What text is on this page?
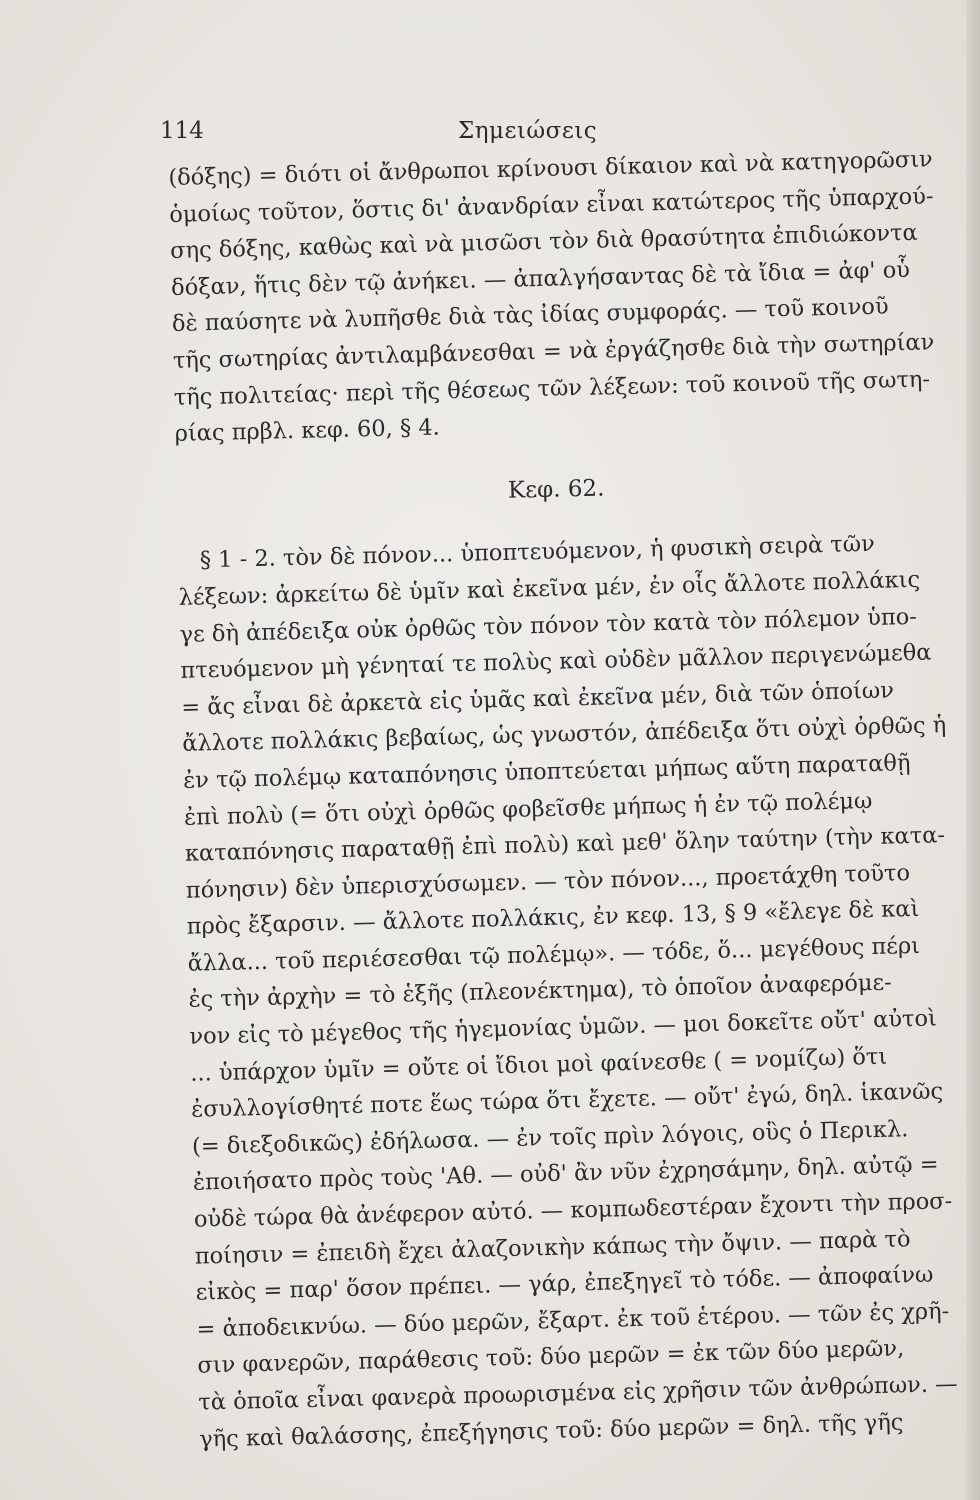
114	Σημειώσεις
(δόξης) = διότι οἱ ἄνθρωποι κρίνουσι δίκαιον καὶ νὰ κατηγορῶσιν
ὁμοίως τοῦτον, ὅστις δι' ἀνανδρίαν εἶναι κατώτερος τῆς ὑπαρχού-
σης δόξης, καθὼς καὶ νὰ μισῶσι τὸν διὰ θρασύτητα ἐπιδιώκοντα
δόξαν, ἥτις δὲν τῷ ἀνήκει. — ἀπαλγήσαντας δὲ τὰ ἴδια = ἀφ' οὗ
δὲ παύσητε νὰ λυπῆσθε διὰ τὰς ἰδίας συμφοράς. — τοῦ κοινοῦ
τῆς σωτηρίας ἀντιλαμβάνεσθαι = νὰ ἐργάζησθε διὰ τὴν σωτηρίαν
τῆς πολιτείας· περὶ τῆς θέσεως τῶν λέξεων: τοῦ κοινοῦ τῆς σωτη-
ρίας πρβλ. κεφ. 60, § 4.
Κεφ. 62.
§ 1 - 2. τὸν δὲ πόνον... ὑποπτευόμενον, ἡ φυσικὴ σειρὰ τῶν
λέξεων: ἀρκείτω δὲ ὑμῖν καὶ ἐκεῖνα μέν, ἐν οἷς ἄλλοτε πολλάκις
γε δὴ ἀπέδειξα οὐκ ὀρθῶς τὸν πόνον τὸν κατὰ τὸν πόλεμον ὑπο-
πτευόμενον μὴ γένηταί τε πολὺς καὶ οὐδὲν μᾶλλον περιγενώμεθα
= ἄς εἶναι δὲ ἀρκετὰ εἰς ὑμᾶς καὶ ἐκεῖνα μέν, διὰ τῶν ὁποίων
ἄλλοτε πολλάκις βεβαίως, ὡς γνωστόν, ἀπέδειξα ὅτι οὐχὶ ὀρθῶς ἡ
ἐν τῷ πολέμῳ καταπόνησις ὑποπτεύεται μήπως αὕτη παραταθῇ
ἐπὶ πολὺ (= ὅτι οὐχὶ ὀρθῶς φοβεῖσθε μήπως ἡ ἐν τῷ πολέμῳ
καταπόνησις παραταθῇ ἐπὶ πολὺ) καὶ μεθ' ὅλην ταύτην (τὴν κατα-
πόνησιν) δὲν ὑπερισχύσωμεν. — τὸν πόνον..., προετάχθη τοῦτο
πρὸς ἔξαρσιν. — ἄλλοτε πολλάκις, ἐν κεφ. 13, § 9 «ἔλεγε δὲ καὶ
ἄλλα... τοῦ περιέσεσθαι τῷ πολέμῳ». — τόδε, ὅ... μεγέθους πέρι
ἐς τὴν ἀρχὴν = τὸ ἑξῆς (πλεονέκτημα), τὸ ὁποῖον ἀναφερόμε-
νον εἰς τὸ μέγεθος τῆς ἡγεμονίας ὑμῶν. — μοι δοκεῖτε οὔτ' αὐτοὶ
... ὑπάρχον ὑμῖν = οὔτε οἱ ἴδιοι μοὶ φαίνεσθε ( = νομίζω) ὅτι
ἐσυλλογίσθητέ ποτε ἕως τώρα ὅτι ἔχετε. — οὔτ' ἐγώ, δηλ. ἱκανῶς
(= διεξοδικῶς) ἐδήλωσα. — ἐν τοῖς πρὶν λόγοις, οὓς ὁ Περικλ.
ἐποιήσατο πρὸς τοὺς 'Αθ. — οὐδ' ἂν νῦν ἐχρησάμην, δηλ. αὐτῷ =
οὐδὲ τώρα θὰ ἀνέφερον αὐτό. — κομπωδεστέραν ἔχοντι τὴν προσ-
ποίησιν = ἐπειδὴ ἔχει ἀλαζονικὴν κάπως τὴν ὄψιν. — παρὰ τὸ
εἰκὸς = παρ' ὅσον πρέπει. — γάρ, ἐπεξηγεῖ τὸ τόδε. — ἀποφαίνω
= ἀποδεικνύω. — δύο μερῶν, ἔξαρτ. ἐκ τοῦ ἑτέρου. — τῶν ἐς χρῆ-
σιν φανερῶν, παράθεσις τοῦ: δύο μερῶν = ἐκ τῶν δύο μερῶν,
τὰ ὁποῖα εἶναι φανερὰ προωρισμένα εἰς χρῆσιν τῶν ἀνθρώπων. —
γῆς καὶ θαλάσσης, ἐπεξήγησις τοῦ: δύο μερῶν = δηλ. τῆς γῆς
